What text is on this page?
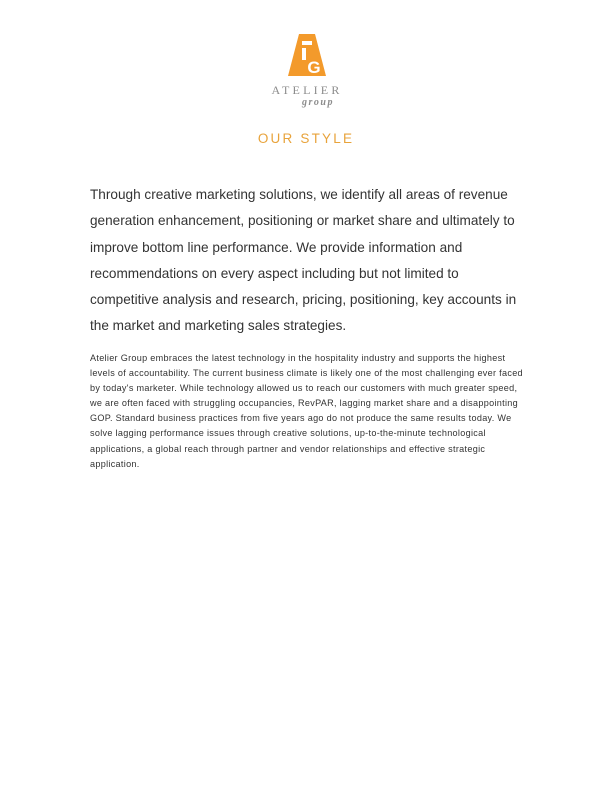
G
ATELIER
group
OUR STYLE

Through creative marketing solutions, we identify all areas of revenue generation enhancement, positioning or market share and ultimately to improve bottom line performance. We provide information and recommendations on every aspect including but not limited to competitive analysis and research, pricing, positioning, key accounts in the market and marketing sales strategies.

Atelier Group embraces the latest technology in the hospitality industry and supports the highest levels of accountability. The current business climate is likely one of the most challenging ever faced by today's marketer. While technology allowed us to reach our customers with much greater speed, we are often faced with struggling occupancies, RevPAR, lagging market share and a disappointing GOP. Standard business practices from five years ago do not produce the same results today. We solve lagging performance issues through creative solutions, up-to-the-minute technological applications, a global reach through partner and vendor relationships and effective strategic application.
